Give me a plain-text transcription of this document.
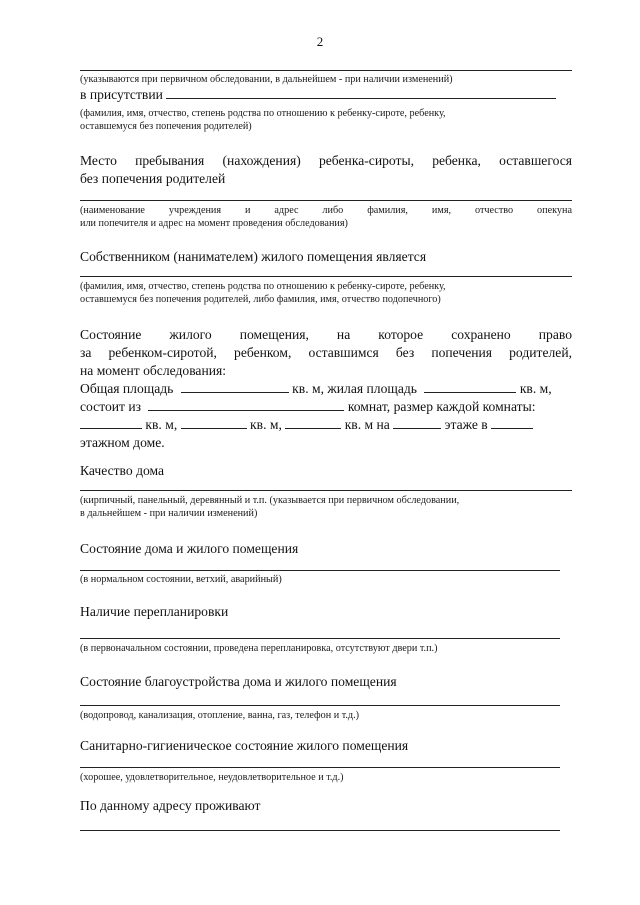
2
(указываются при первичном обследовании, в дальнейшем - при наличии изменений)
в присутствии
(фамилия, имя, отчество, степень родства по отношению к ребенку-сироте, ребенку,
оставшемуся без попечения родителей)
Место пребывания (нахождения) ребенка-сироты, ребенка, оставшегося
без попечения родителей
(наименование учреждения и адрес либо фамилия, имя, отчество опекуна
или попечителя и адрес на момент проведения обследования)
Собственником (нанимателем) жилого помещения является
(фамилия, имя, отчество, степень родства по отношению к ребенку-сироте, ребенку,
оставшемуся без попечения родителей, либо фамилия, имя, отчество подопечного)
Состояние жилого помещения, на которое сохранено право
за ребенком-сиротой, ребенком, оставшимся без попечения родителей,
на момент обследования:
Общая площадь	кв. м, жилая площадь	кв. м,
состоит из	комнат, размер каждой комнаты:
кв. м,	кв. м,	кв. м на	этаже в
этажном доме.
Качество дома
(кирпичный, панельный, деревянный и т.п. (указывается при первичном обследовании,
в дальнейшем - при наличии изменений)
Состояние дома и жилого помещения
(в нормальном состоянии, ветхий, аварийный)
Наличие перепланировки
(в первоначальном состоянии, проведена перепланировка, отсутствуют двери т.п.)
Состояние благоустройства дома и жилого помещения
(водопровод, канализация, отопление, ванна, газ, телефон и т.д.)
Санитарно-гигиеническое состояние жилого помещения
(хорошее, удовлетворительное, неудовлетворительное и т.д.)
По данному адресу проживают
